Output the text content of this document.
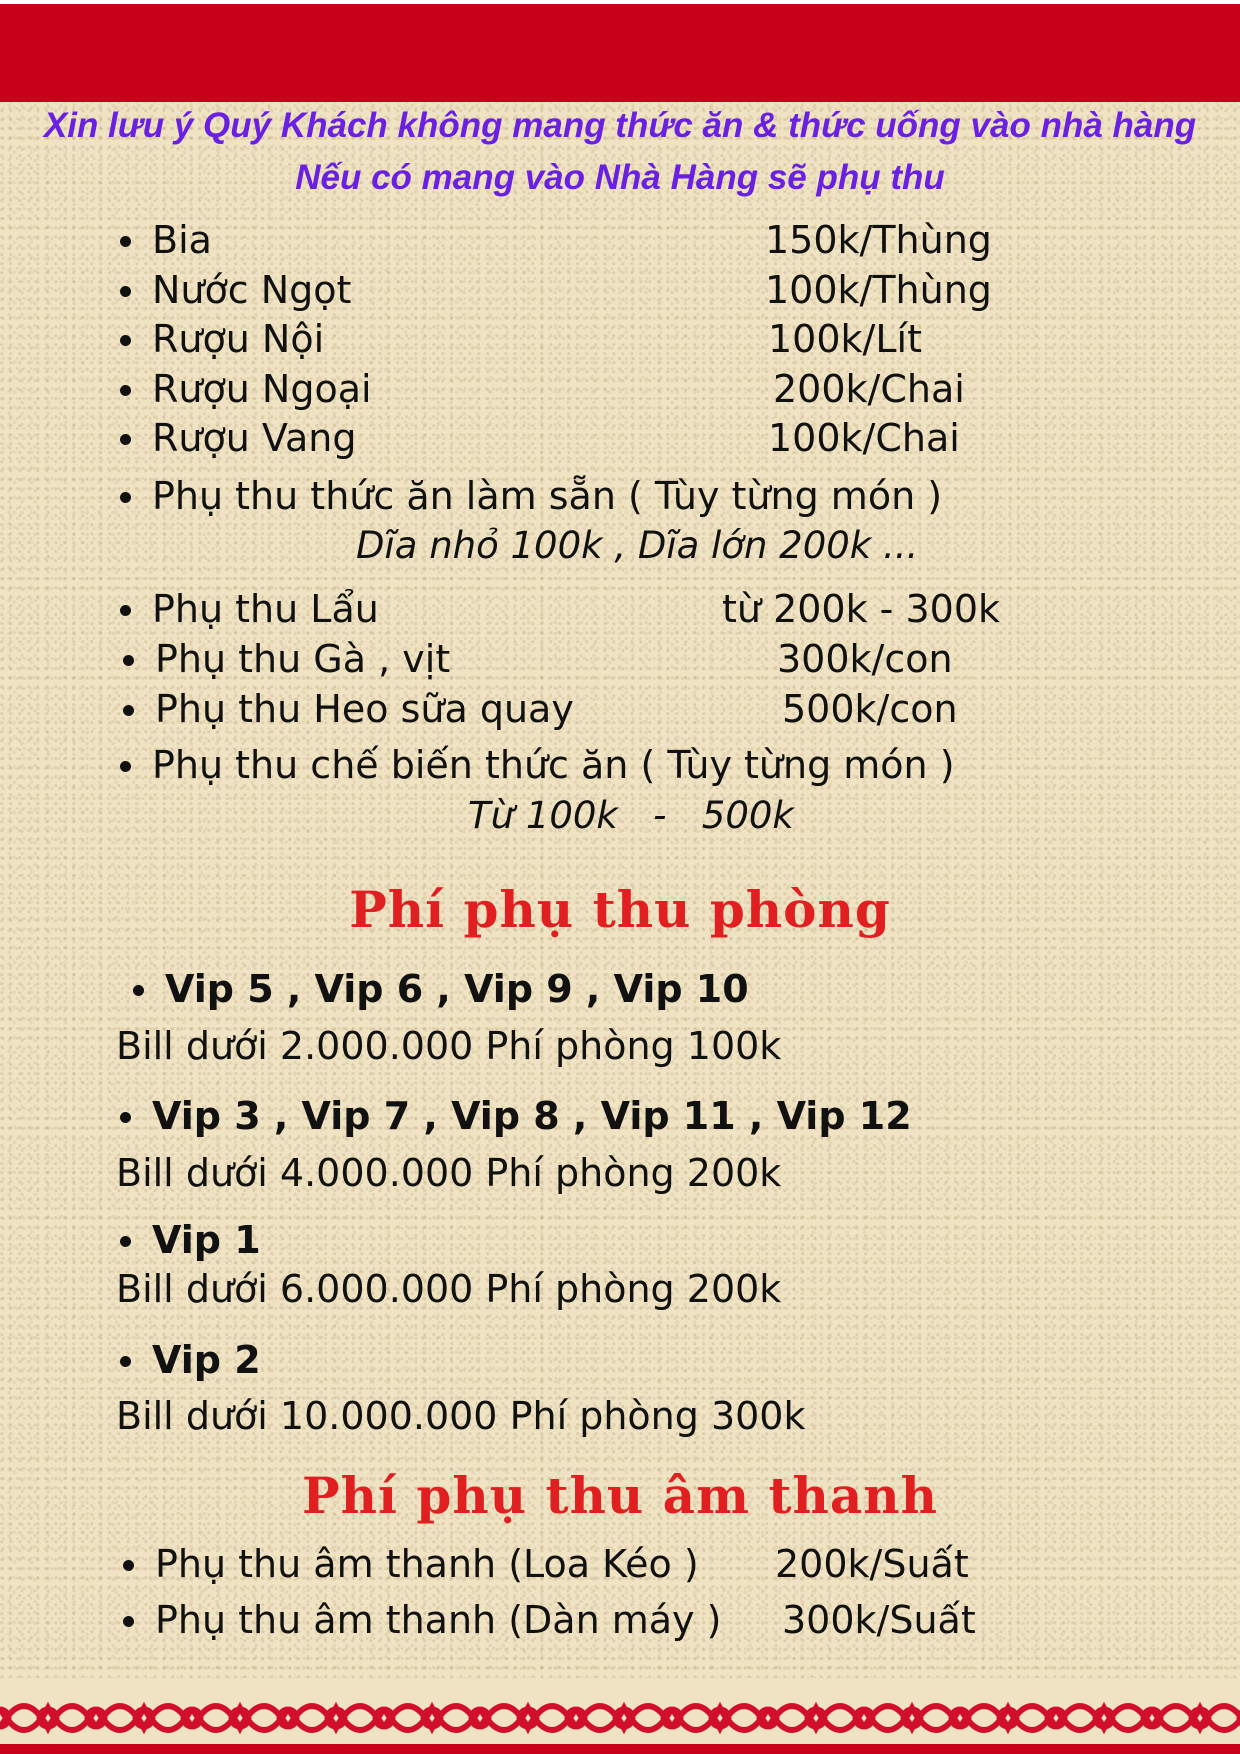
Xin lưu ý Quý Khách không mang thức ăn & thức uống vào nhà hàng
Nếu có mang vào Nhà Hàng sẽ phụ thu
Bia	150k/Thùng
Nước Ngọt	100k/Thùng
Rượu Nội	100k/Lít
Rượu Ngoại	200k/Chai
Rượu Vang	100k/Chai
Phụ thu thức ăn làm sẵn ( Tùy từng món )
Dĩa nhỏ 100k , Dĩa lớn 200k ...
Phụ thu Lẩu	từ 200k - 300k
Phụ thu Gà , vịt	300k/con
Phụ thu Heo sữa quay	500k/con
Phụ thu chế biến thức ăn ( Tùy từng món )
Từ 100k   -   500k
Phí phụ thu phòng
Vip 5 , Vip 6 , Vip 9 , Vip 10
Bill dưới 2.000.000 Phí phòng 100k
Vip 3 , Vip 7 , Vip 8 , Vip 11 , Vip 12
Bill dưới 4.000.000 Phí phòng 200k
Vip 1
Bill dưới 6.000.000 Phí phòng 200k
Vip 2
Bill dưới 10.000.000 Phí phòng 300k
Phí phụ thu âm thanh
Phụ thu âm thanh (Loa Kéo ) 200k/Suất
Phụ thu âm thanh (Dàn máy ) 300k/Suất
